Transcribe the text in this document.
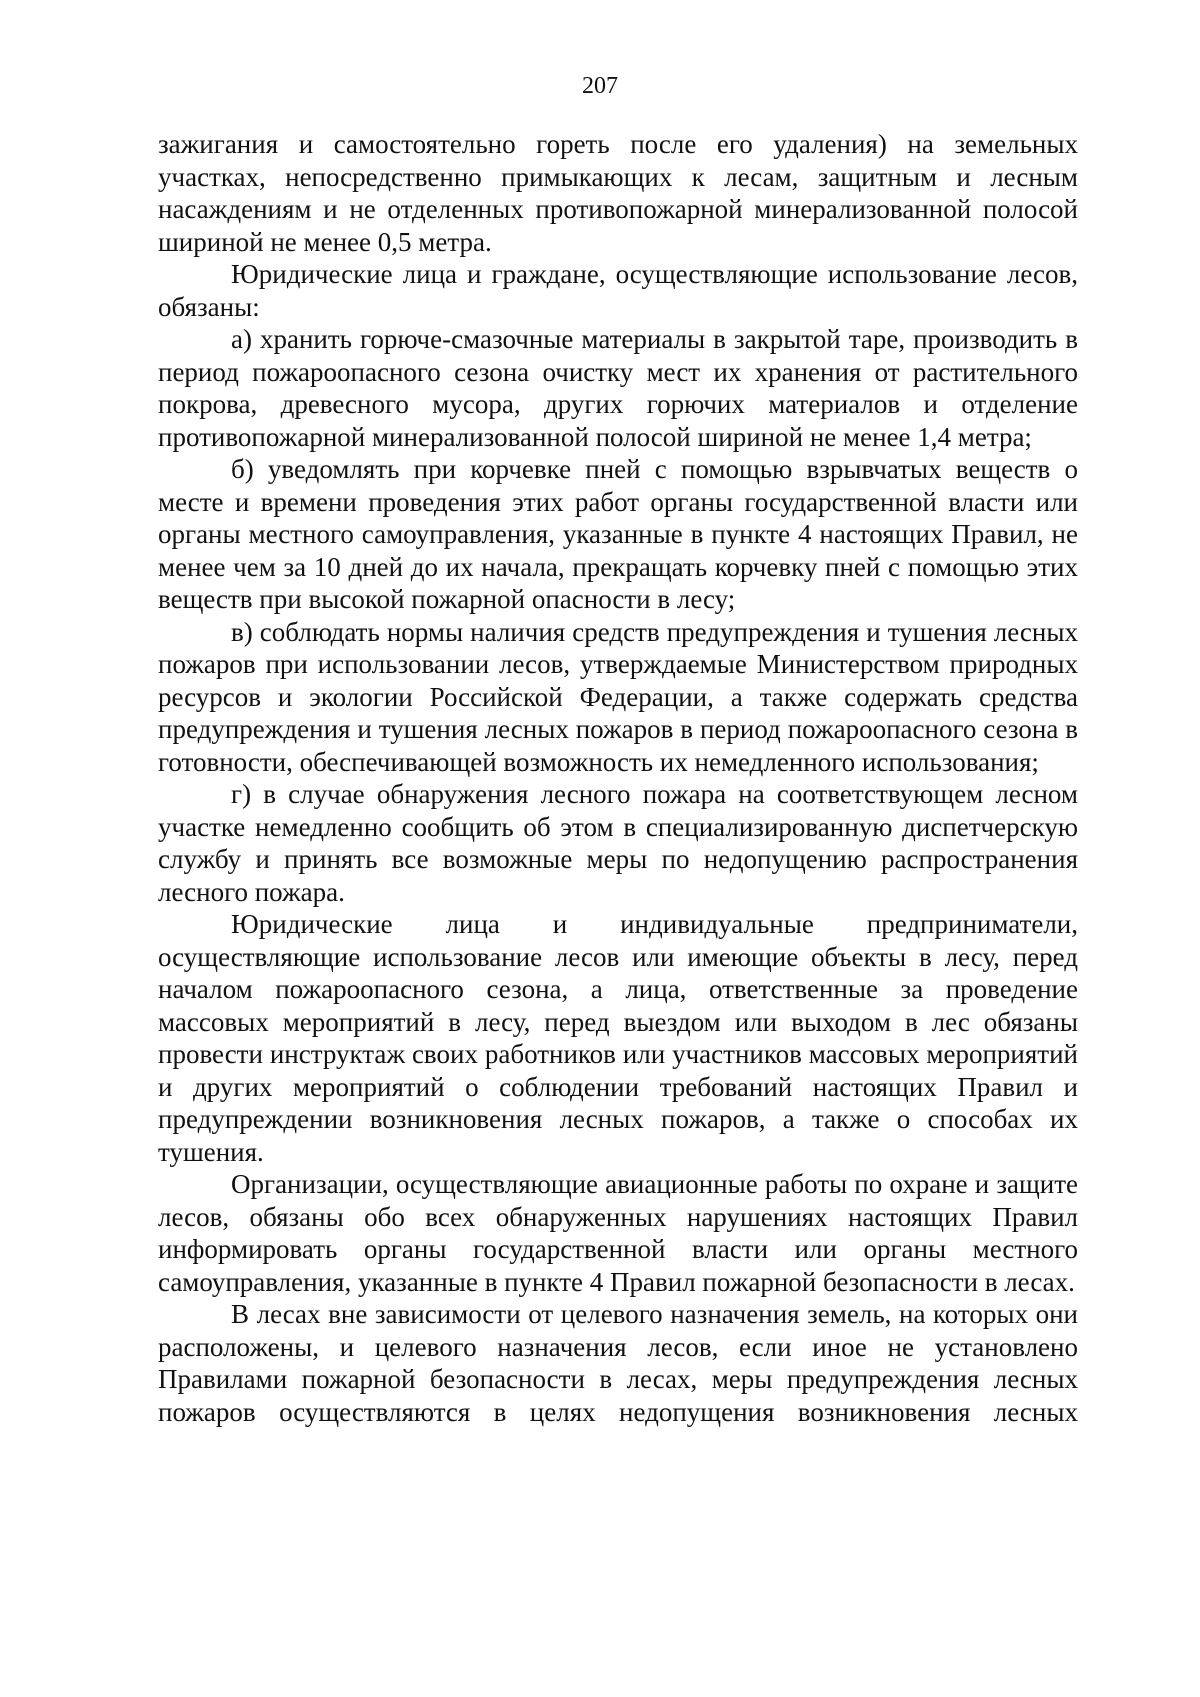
207

зажигания и самостоятельно гореть после его удаления) на земельных участках, непосредственно примыкающих к лесам, защитным и лесным насаждениям и не отделенных противопожарной минерализованной полосой шириной не менее 0,5 метра.

Юридические лица и граждане, осуществляющие использование лесов, обязаны:

а) хранить горюче-смазочные материалы в закрытой таре, производить в период пожароопасного сезона очистку мест их хранения от растительного покрова, древесного мусора, других горючих материалов и отделение противопожарной минерализованной полосой шириной не менее 1,4 метра;

б) уведомлять при корчевке пней с помощью взрывчатых веществ о месте и времени проведения этих работ органы государственной власти или органы местного самоуправления, указанные в пункте 4 настоящих Правил, не менее чем за 10 дней до их начала, прекращать корчевку пней с помощью этих веществ при высокой пожарной опасности в лесу;

в) соблюдать нормы наличия средств предупреждения и тушения лесных пожаров при использовании лесов, утверждаемые Министерством природных ресурсов и экологии Российской Федерации, а также содержать средства предупреждения и тушения лесных пожаров в период пожароопасного сезона в готовности, обеспечивающей возможность их немедленного использования;

г) в случае обнаружения лесного пожара на соответствующем лесном участке немедленно сообщить об этом в специализированную диспетчерскую службу и принять все возможные меры по недопущению распространения лесного пожара.

Юридические лица и индивидуальные предприниматели, осуществляющие использование лесов или имеющие объекты в лесу, перед началом пожароопасного сезона, а лица, ответственные за проведение массовых мероприятий в лесу, перед выездом или выходом в лес обязаны провести инструктаж своих работников или участников массовых мероприятий и других мероприятий о соблюдении требований настоящих Правил и предупреждении возникновения лесных пожаров, а также о способах их тушения.

Организации, осуществляющие авиационные работы по охране и защите лесов, обязаны обо всех обнаруженных нарушениях настоящих Правил информировать органы государственной власти или органы местного самоуправления, указанные в пункте 4 Правил пожарной безопасности в лесах.

В лесах вне зависимости от целевого назначения земель, на которых они расположены, и целевого назначения лесов, если иное не установлено Правилами пожарной безопасности в лесах, меры предупреждения лесных пожаров осуществляются в целях недопущения возникновения лесных
